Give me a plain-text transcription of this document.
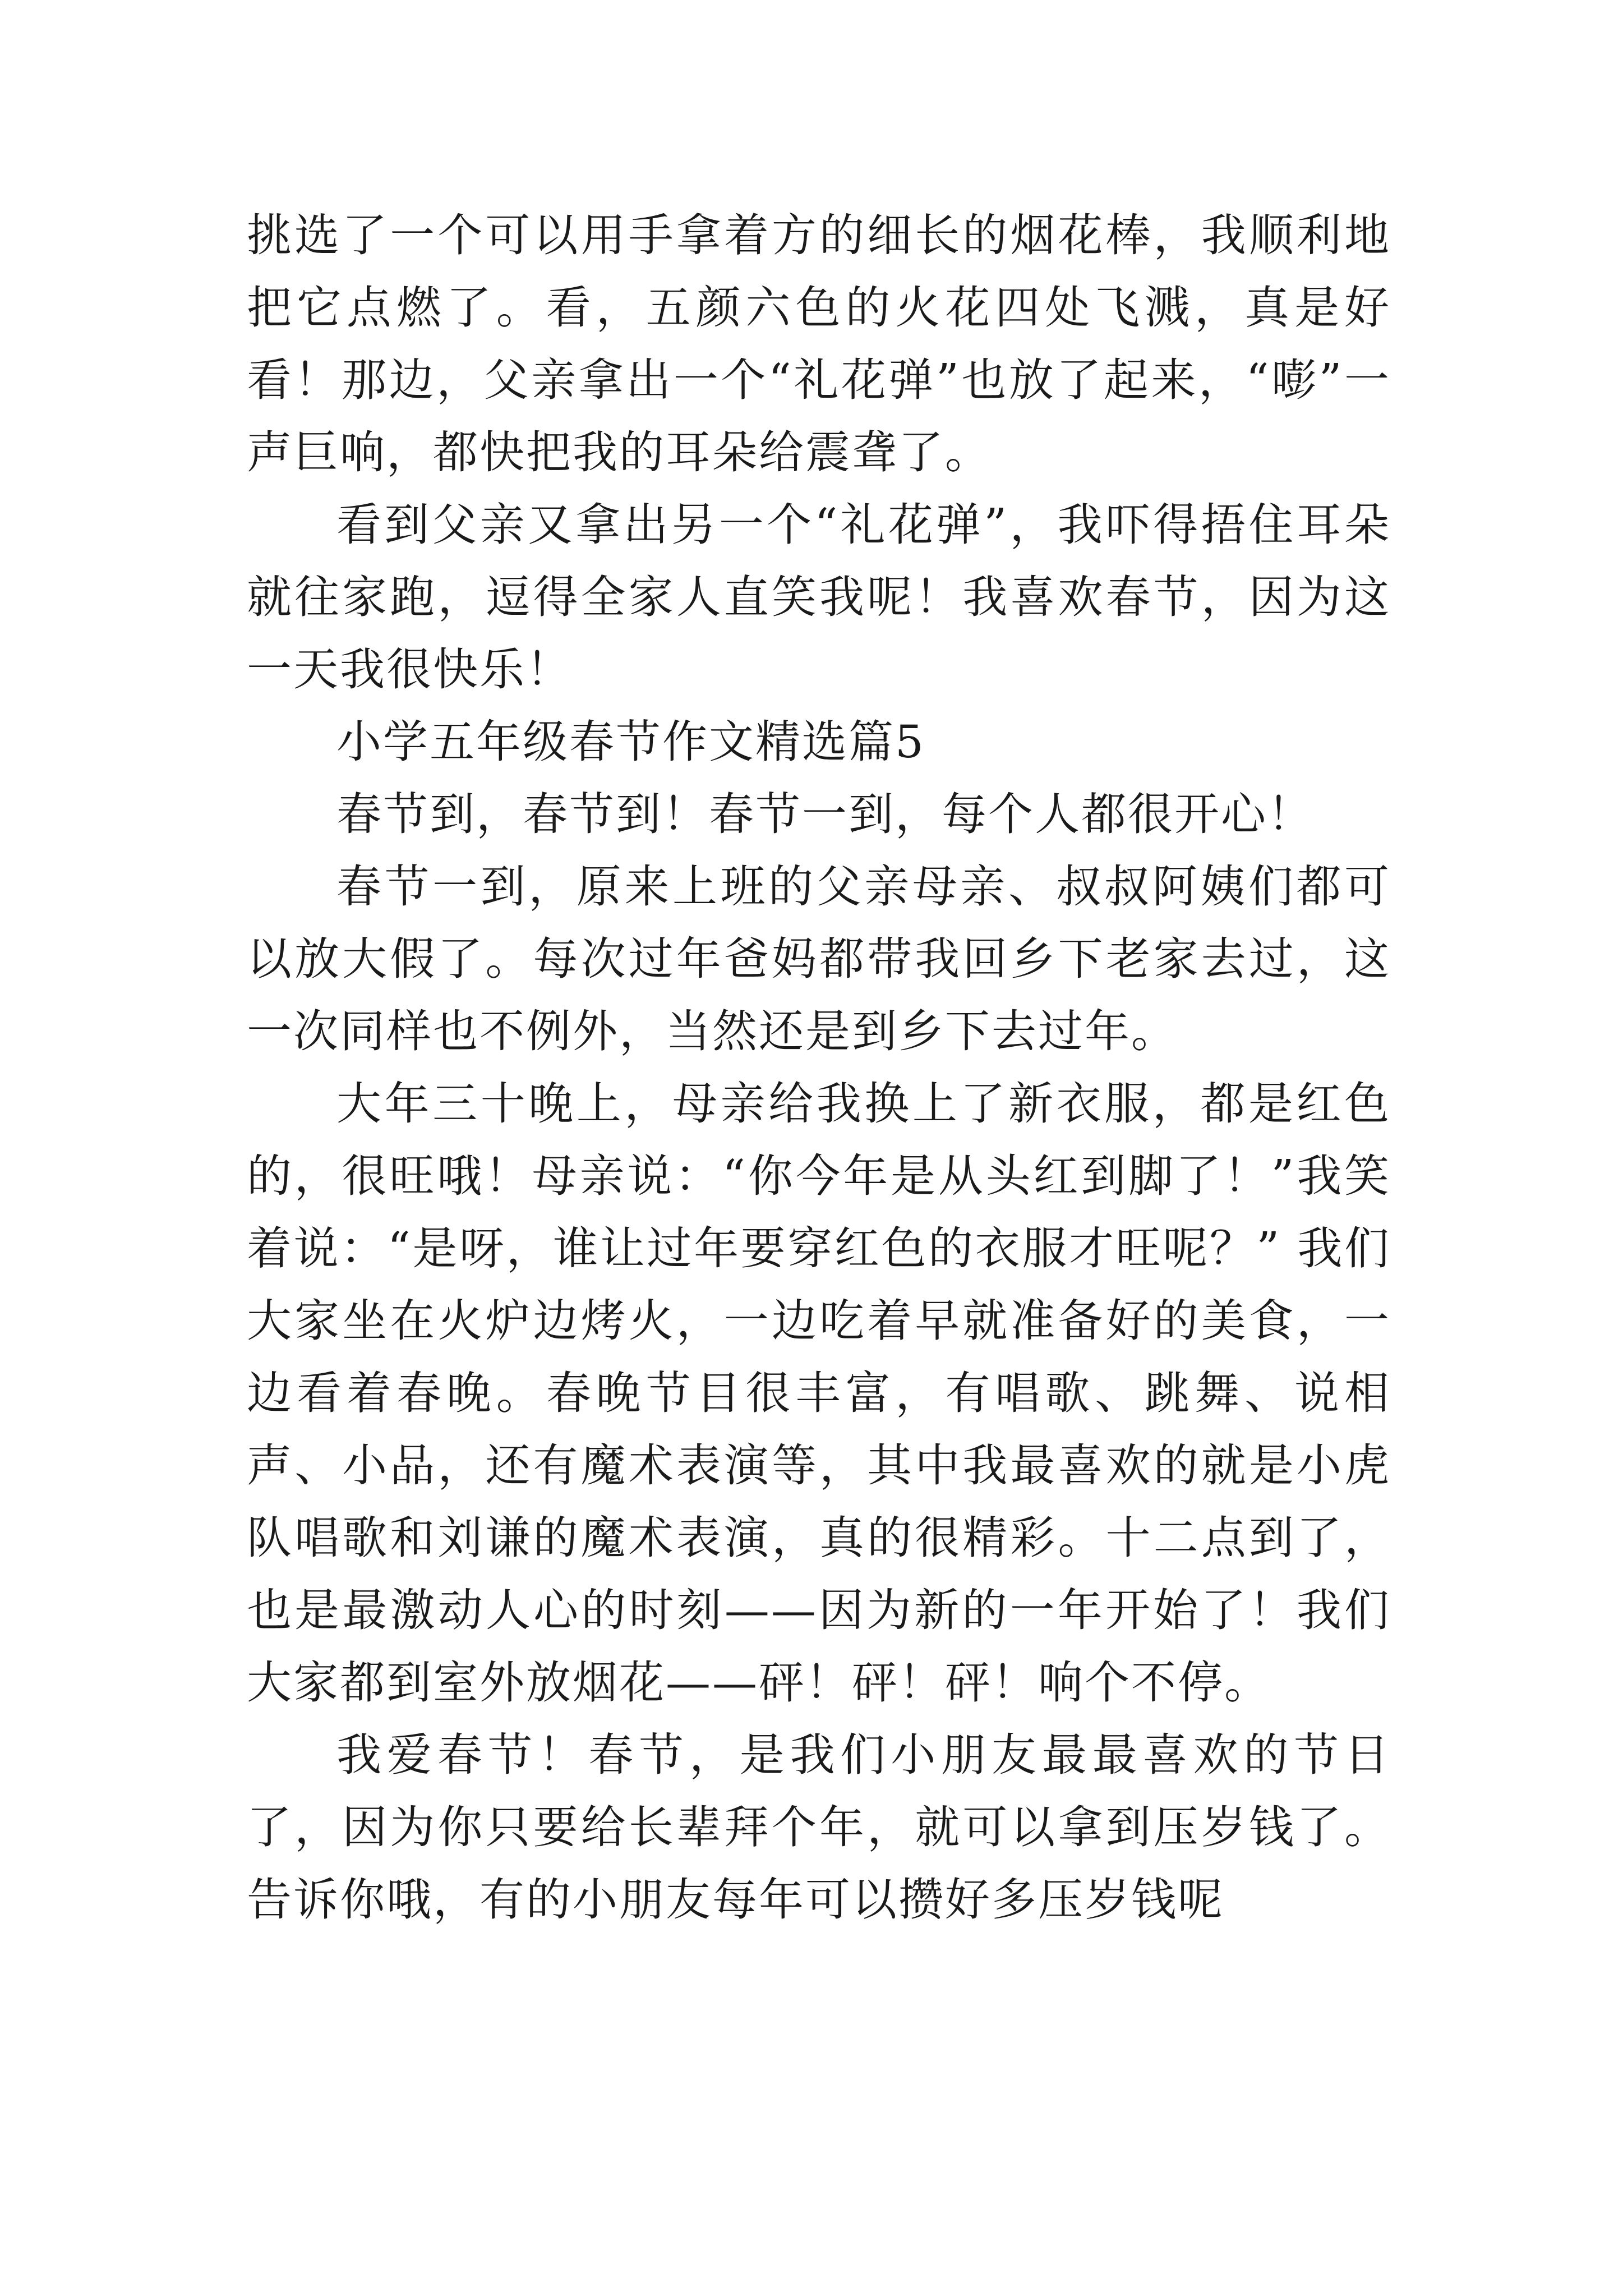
挑选了一个可以用手拿着方的细长的烟花棒，我顺利地把它点燃了。看，五颜六色的火花四处飞溅，真是好看！那边，父亲拿出一个“礼花弹”也放了起来，“嘭”一声巨响，都快把我的耳朵给震聋了。

看到父亲又拿出另一个“礼花弹”，我吓得捂住耳朵就往家跑，逗得全家人直笑我呢！我喜欢春节，因为这一天我很快乐！

小学五年级春节作文精选篇5

春节到，春节到！春节一到，每个人都很开心！

春节一到，原来上班的父亲母亲、叔叔阿姨们都可以放大假了。每次过年爸妈都带我回乡下老家去过，这一次同样也不例外，当然还是到乡下去过年。

大年三十晚上，母亲给我换上了新衣服，都是红色的，很旺哦！母亲说：“你今年是从头红到脚了！”我笑着说：“是呀，谁让过年要穿红色的衣服才旺呢？” 我们大家坐在火炉边烤火，一边吃着早就准备好的美食，一边看着春晚。春晚节目很丰富，有唱歌、跳舞、说相声、小品，还有魔术表演等，其中我最喜欢的就是小虎队唱歌和刘谦的魔术表演，真的很精彩。十二点到了，也是最激动人心的时刻——因为新的一年开始了！我们大家都到室外放烟花——砰！砰！砰！响个不停。

我爱春节！春节，是我们小朋友最最喜欢的节日了，因为你只要给长辈拜个年，就可以拿到压岁钱了。告诉你哦，有的小朋友每年可以攒好多压岁钱呢
